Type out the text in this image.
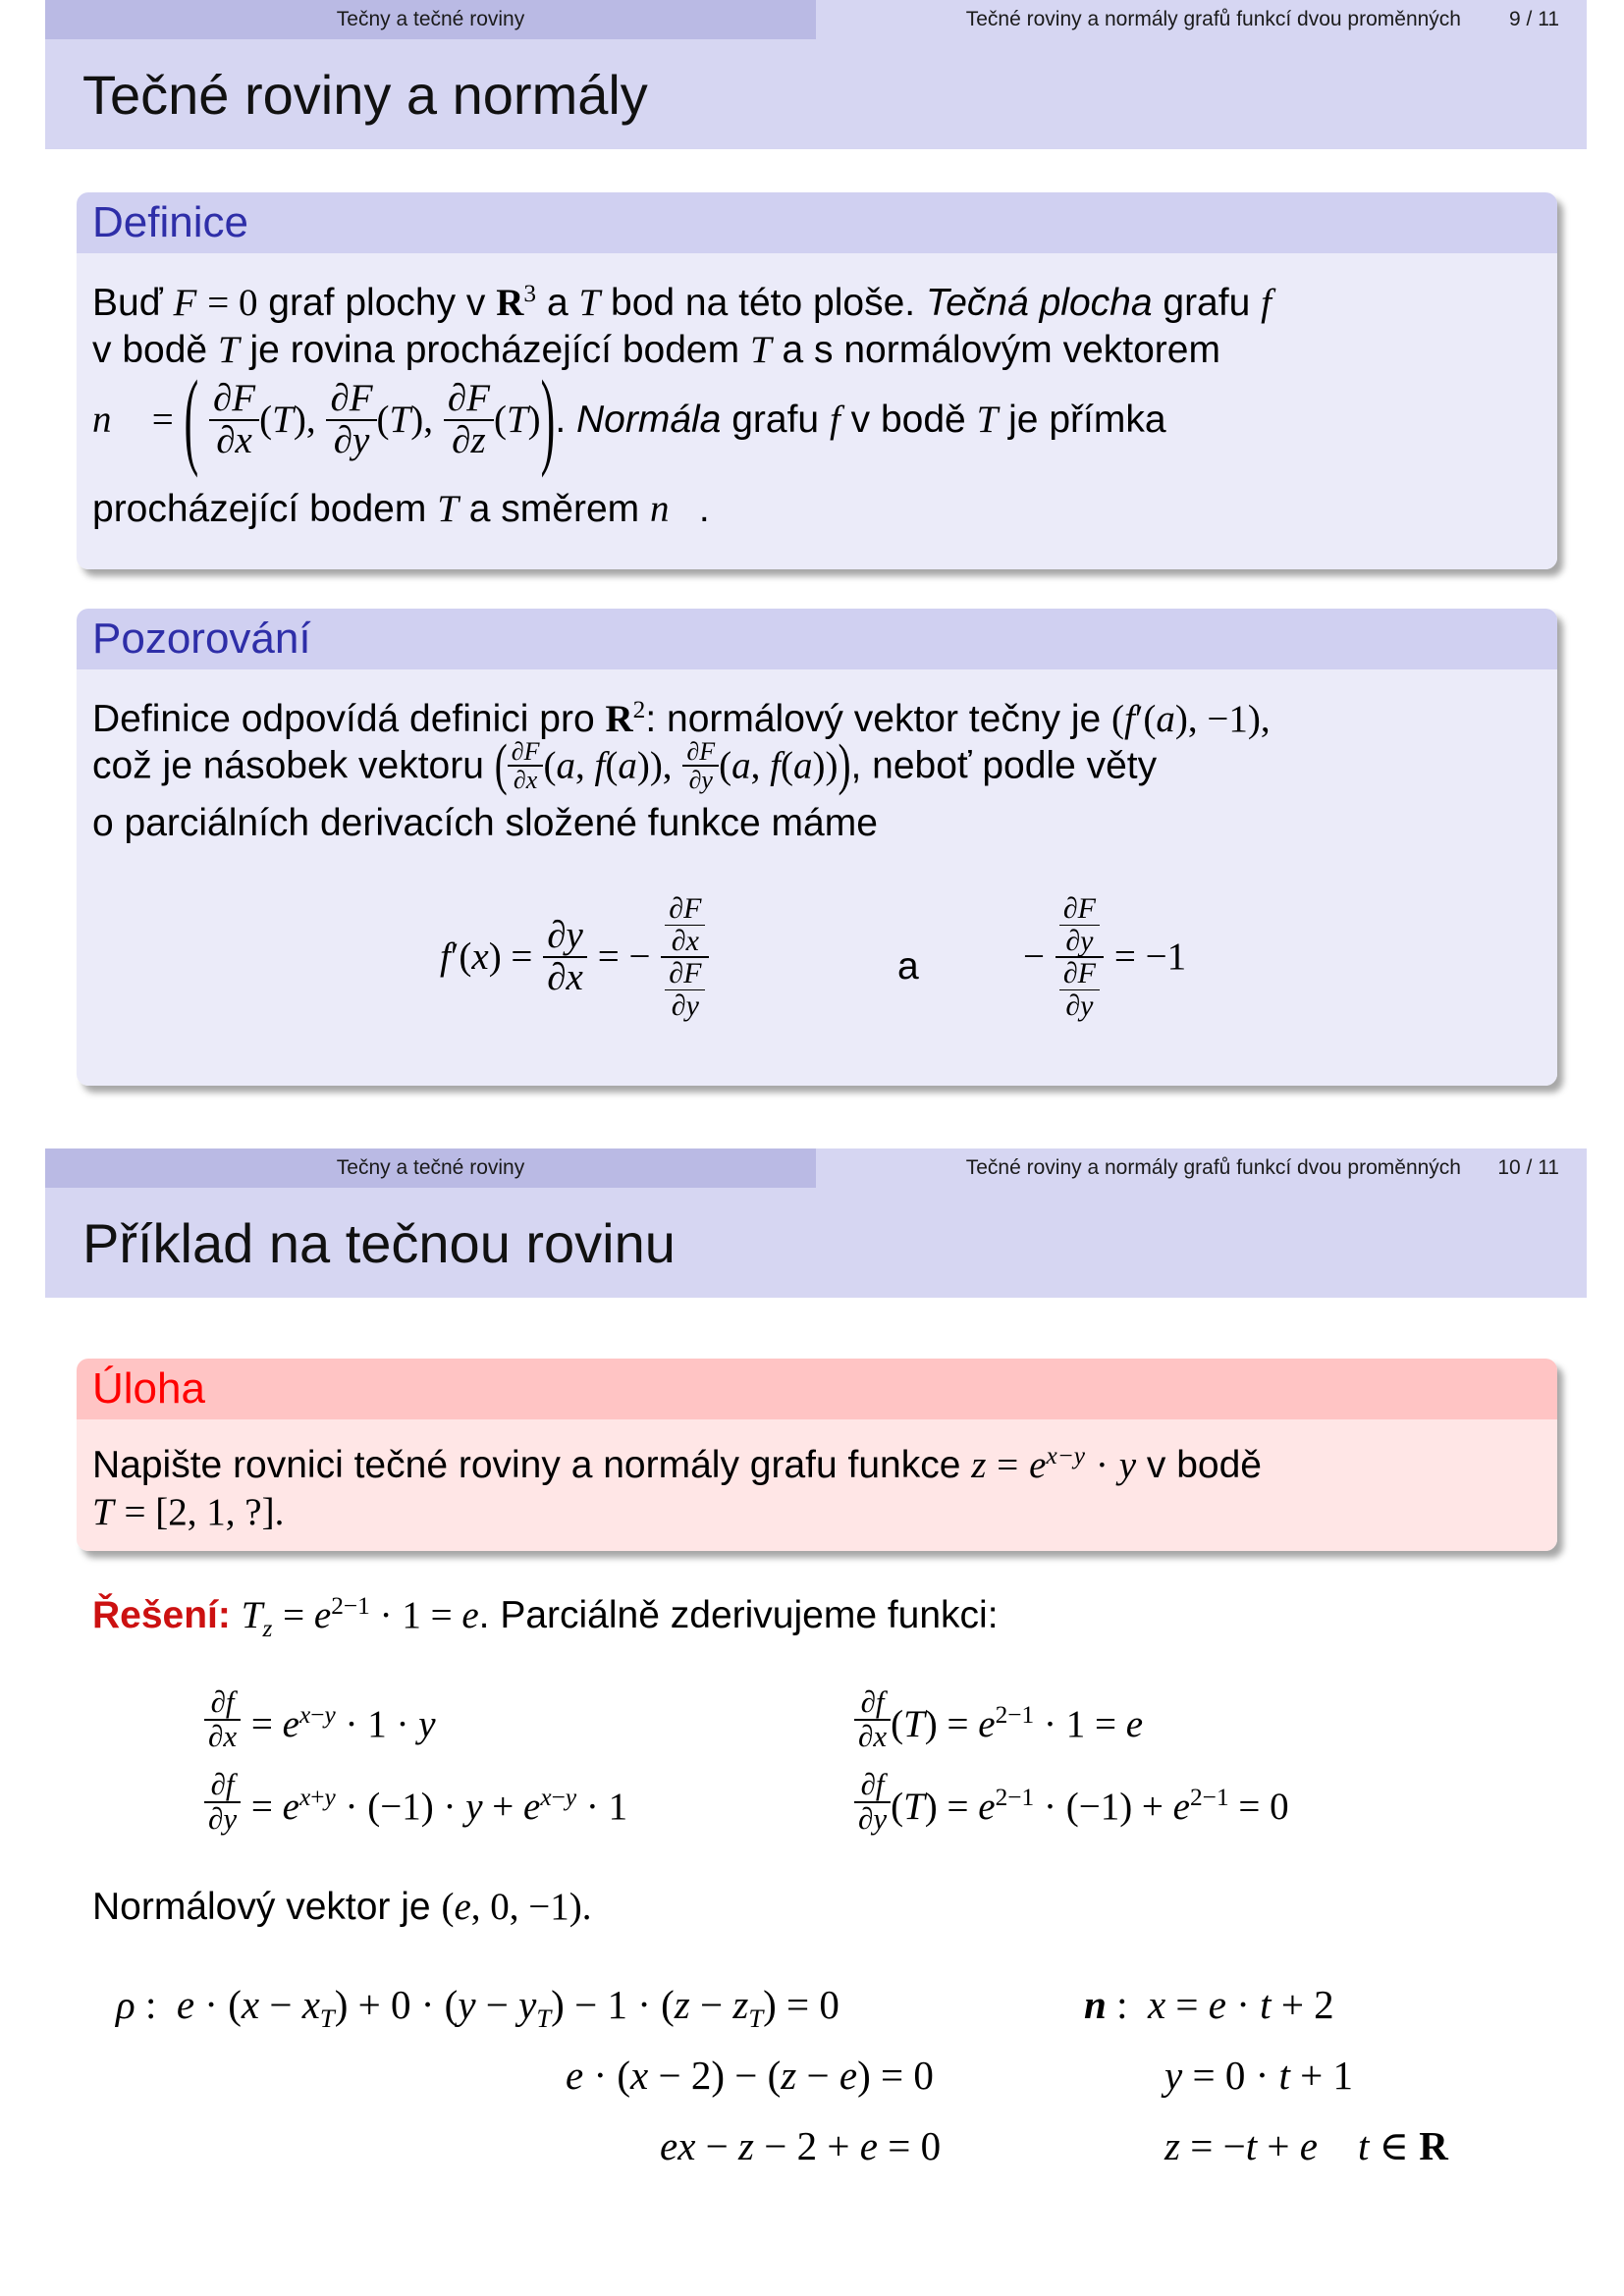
Tečny a tečné roviny	Tečné roviny a normály grafů funkcí dvou proměnných 9 / 11
Tečné roviny a normály
Definice
Buď F = 0 graf plochy v $R^3$ a T bod na této ploše. Tečná plocha grafu f
v bodě T je rovina procházející bodem T a s normálovým vektorem
n⃗ = ( $\frac{\partial F}{\partial x} (T)$, $\frac{\partial F}{\partial y} (T)$, $\frac{\partial F}{\partial z} (T)$). Normála grafu f v bodě T je přímka
procházející bodem T a směrem n⃗.
Pozorování
Definice odpovídá definici pro $R^2$: normálový vektor tečny je (f′(a), −1),
což je násobek vektoru ( $\frac{\partial F}{\partial x} (a$, f(a)), $\frac{\partial F}{\partial y} (a$, f(a))), neboť podle věty
o parciálních derivacích složené funkce máme
$f'(x) = \frac{\partial y}{\partial x}$ = − $\frac{\frac{\partial F}{\partial x}}{\frac{\partial F}{\partial y}}$	a	− $\frac{\frac{\partial F}{\partial y}}{\frac{\partial F}{\partial y}} = -1$
Tečny a tečné roviny	Tečné roviny a normály grafů funkcí dvou proměnných 10 / 11
Příklad na tečnou rovinu
Úloha
Napište rovnici tečné roviny a normály grafu funkce $z = e^{x-y} \cdot y$ v bodě
T = [2, 1, ?].
Řešení: $T_z = e^{2-1} \cdot 1 = e$. Parciálně zderivujeme funkci:
$\frac{\partial f}{\partial x} = e^{x-y} \cdot 1 \cdot y$
$\frac{\partial f}{\partial y} = e^{x+y} \cdot (-1) \cdot y + e^{x-y} \cdot 1$
$\frac{\partial f}{\partial x} (T) = e^{2-1} \cdot 1 = e$
$\frac{\partial f}{\partial y} (T) = e^{2-1} \cdot (-1) + e^{2-1} = 0$
Normálový vektor je (e, 0, −1).
ρ :  $e \cdot (x - x_T) + 0 \cdot (y - y_T) - 1 \cdot (z - z_T) = 0$
e · (x − 2) − (z − e) = 0
ex − z − 2 + e = 0
n :  x = e · t + 2
y = 0 · t + 1
z = −t + e t ∈ R
